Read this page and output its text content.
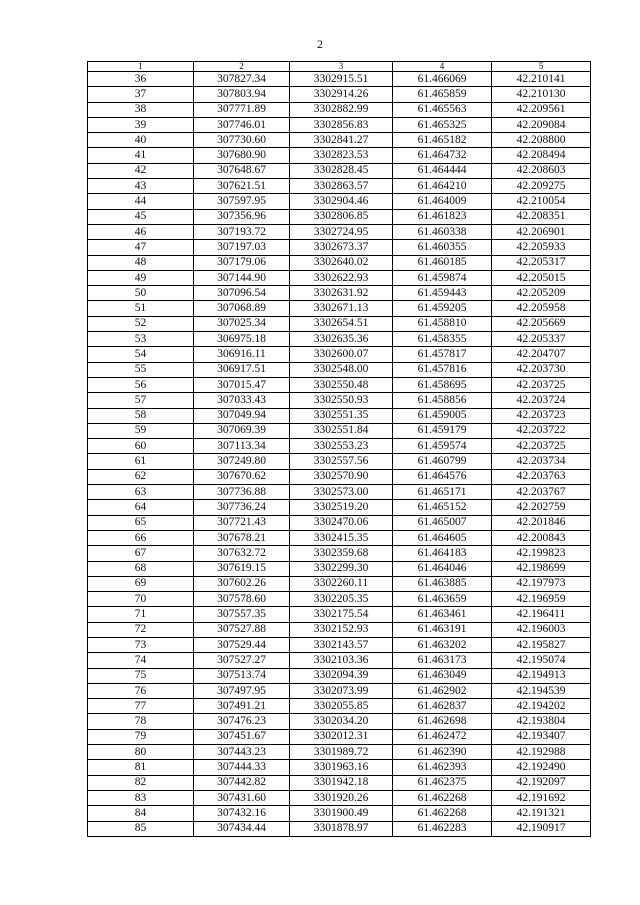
2
1	2	3	4	5
36	307827.34	3302915.51	61.466069	42.210141
37	307803.94	3302914.26	61.465859	42.210130
38	307771.89	3302882.99	61.465563	42.209561
39	307746.01	3302856.83	61.465325	42.209084
40	307730.60	3302841.27	61.465182	42.208800
41	307680.90	3302823.53	61.464732	42.208494
42	307648.67	3302828.45	61.464444	42.208603
43	307621.51	3302863.57	61.464210	42.209275
44	307597.95	3302904.46	61.464009	42.210054
45	307356.96	3302806.85	61.461823	42.208351
46	307193.72	3302724.95	61.460338	42.206901
47	307197.03	3302673.37	61.460355	42.205933
48	307179.06	3302640.02	61.460185	42.205317
49	307144.90	3302622.93	61.459874	42.205015
50	307096.54	3302631.92	61.459443	42.205209
51	307068.89	3302671.13	61.459205	42.205958
52	307025.34	3302654.51	61.458810	42.205669
53	306975.18	3302635.36	61.458355	42.205337
54	306916.11	3302600.07	61.457817	42.204707
55	306917.51	3302548.00	61.457816	42.203730
56	307015.47	3302550.48	61.458695	42.203725
57	307033.43	3302550.93	61.458856	42.203724
58	307049.94	3302551.35	61.459005	42.203723
59	307069.39	3302551.84	61.459179	42.203722
60	307113.34	3302553.23	61.459574	42.203725
61	307249.80	3302557.56	61.460799	42.203734
62	307670.62	3302570.90	61.464576	42.203763
63	307736.88	3302573.00	61.465171	42.203767
64	307736.24	3302519.20	61.465152	42.202759
65	307721.43	3302470.06	61.465007	42.201846
66	307678.21	3302415.35	61.464605	42.200843
67	307632.72	3302359.68	61.464183	42.199823
68	307619.15	3302299.30	61.464046	42.198699
69	307602.26	3302260.11	61.463885	42.197973
70	307578.60	3302205.35	61.463659	42.196959
71	307557.35	3302175.54	61.463461	42.196411
72	307527.88	3302152.93	61.463191	42.196003
73	307529.44	3302143.57	61.463202	42.195827
74	307527.27	3302103.36	61.463173	42.195074
75	307513.74	3302094.39	61.463049	42.194913
76	307497.95	3302073.99	61.462902	42.194539
77	307491.21	3302055.85	61.462837	42.194202
78	307476.23	3302034.20	61.462698	42.193804
79	307451.67	3302012.31	61.462472	42.193407
80	307443.23	3301989.72	61.462390	42.192988
81	307444.33	3301963.16	61.462393	42.192490
82	307442.82	3301942.18	61.462375	42.192097
83	307431.60	3301920.26	61.462268	42.191692
84	307432.16	3301900.49	61.462268	42.191321
85	307434.44	3301878.97	61.462283	42.190917
